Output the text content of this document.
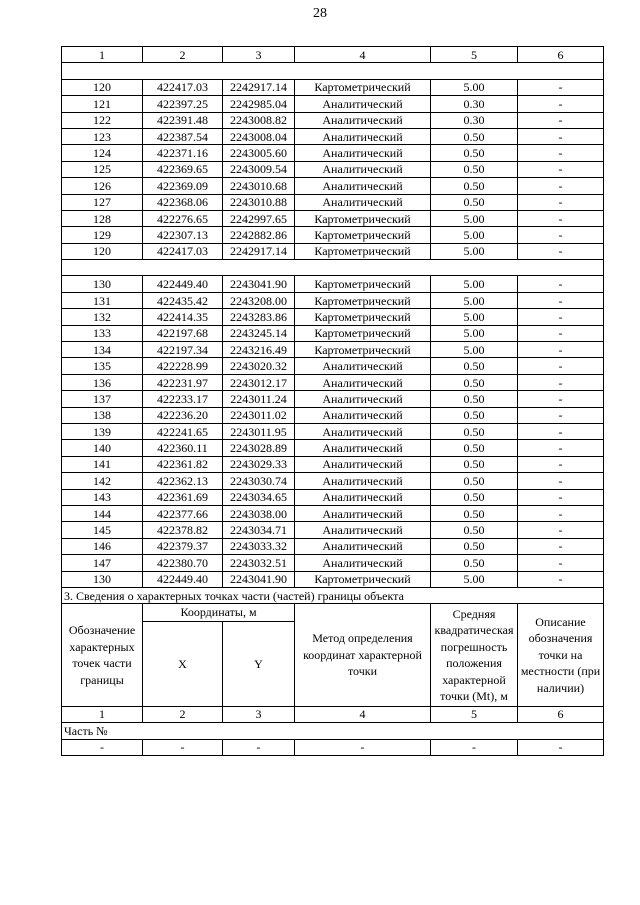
28
1	2	3	4	5	6

120	422417.03	2242917.14	Картометрический	5.00	-
121	422397.25	2242985.04	Аналитический	0.30	-
122	422391.48	2243008.82	Аналитический	0.30	-
123	422387.54	2243008.04	Аналитический	0.50	-
124	422371.16	2243005.60	Аналитический	0.50	-
125	422369.65	2243009.54	Аналитический	0.50	-
126	422369.09	2243010.68	Аналитический	0.50	-
127	422368.06	2243010.88	Аналитический	0.50	-
128	422276.65	2242997.65	Картометрический	5.00	-
129	422307.13	2242882.86	Картометрический	5.00	-
120	422417.03	2242917.14	Картометрический	5.00	-

130	422449.40	2243041.90	Картометрический	5.00	-
131	422435.42	2243208.00	Картометрический	5.00	-
132	422414.35	2243283.86	Картометрический	5.00	-
133	422197.68	2243245.14	Картометрический	5.00	-
134	422197.34	2243216.49	Картометрический	5.00	-
135	422228.99	2243020.32	Аналитический	0.50	-
136	422231.97	2243012.17	Аналитический	0.50	-
137	422233.17	2243011.24	Аналитический	0.50	-
138	422236.20	2243011.02	Аналитический	0.50	-
139	422241.65	2243011.95	Аналитический	0.50	-
140	422360.11	2243028.89	Аналитический	0.50	-
141	422361.82	2243029.33	Аналитический	0.50	-
142	422362.13	2243030.74	Аналитический	0.50	-
143	422361.69	2243034.65	Аналитический	0.50	-
144	422377.66	2243038.00	Аналитический	0.50	-
145	422378.82	2243034.71	Аналитический	0.50	-
146	422379.37	2243033.32	Аналитический	0.50	-
147	422380.70	2243032.51	Аналитический	0.50	-
130	422449.40	2243041.90	Картометрический	5.00	-
3. Сведения о характерных точках части (частей) границы объекта					
Обозначение характерных точек части границы	Координаты, м		Метод определения координат характерной точки	Средняя квадратическая погрешность положения характерной точки (Mt), м	Описание обозначения точки на местности (при наличии)
	X	Y			
1	2	3	4	5	6
Часть №					
-	-	-	-	-	-
